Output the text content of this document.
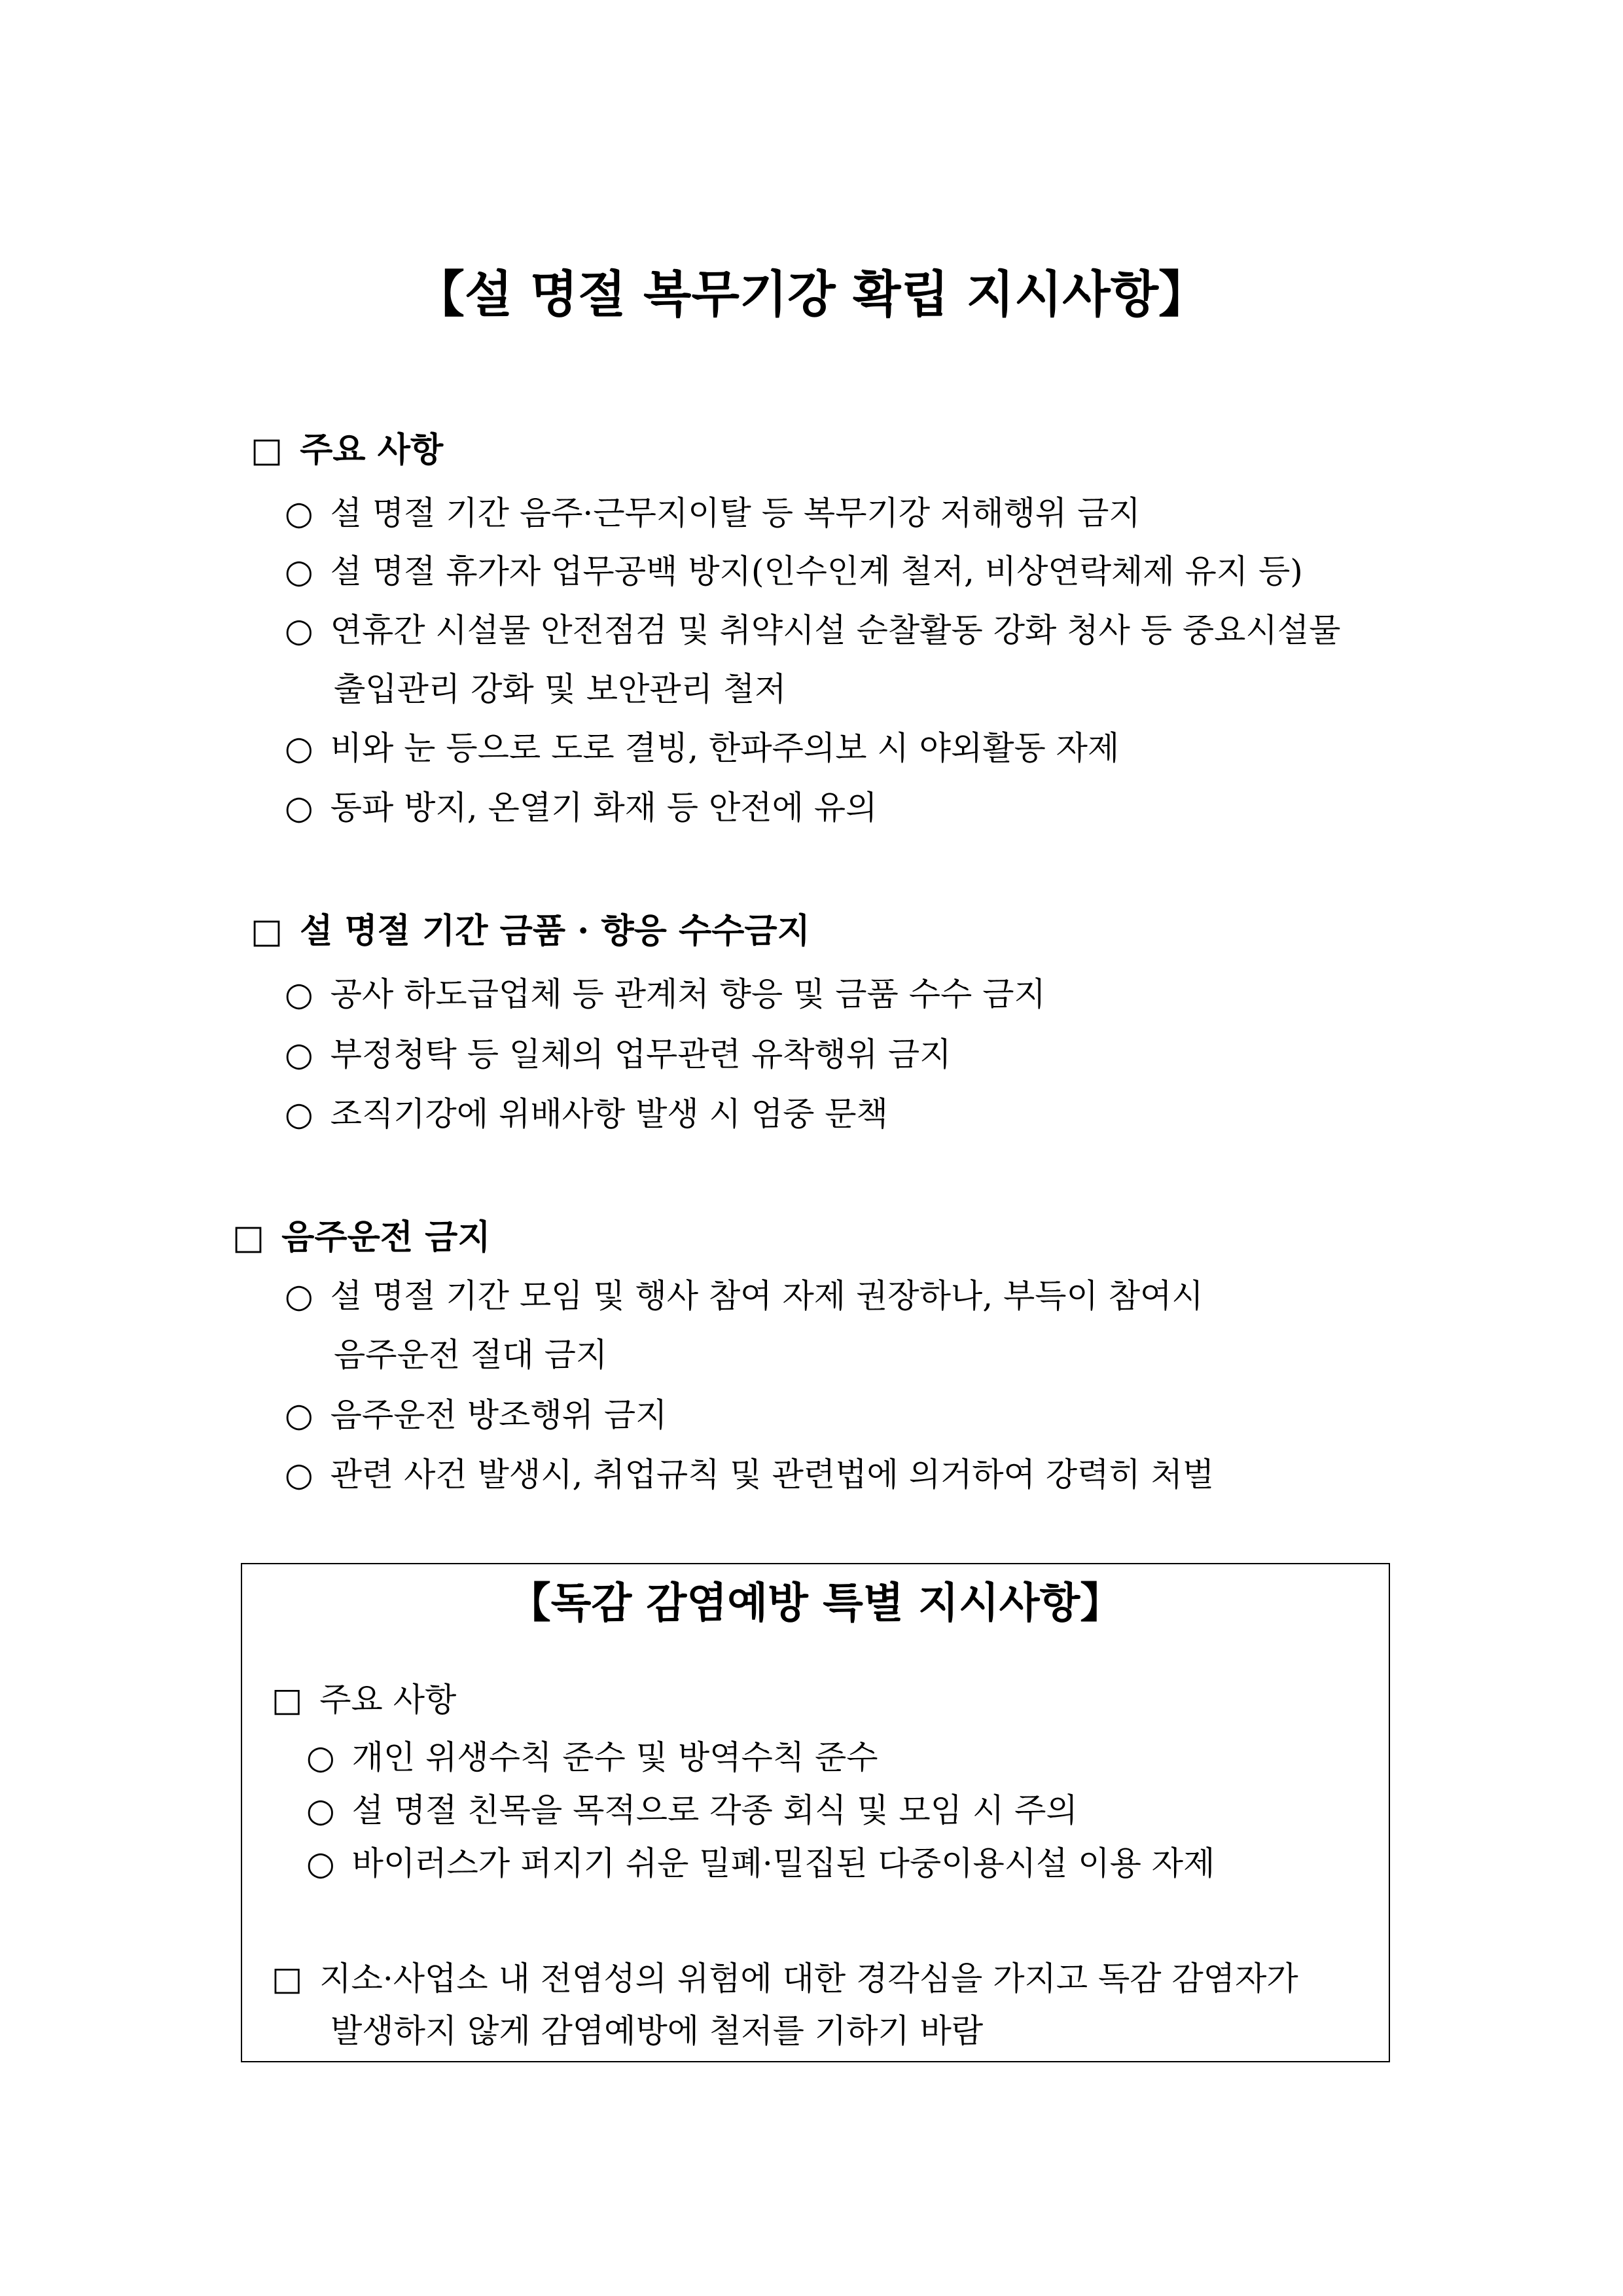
【설 명절 복무기강 확립 지시사항】
□ 주요 사항
○ 설 명절 기간 음주·근무지이탈 등 복무기강 저해행위 금지
○ 설 명절 휴가자 업무공백 방지(인수인계 철저, 비상연락체제 유지 등)
○ 연휴간 시설물 안전점검 및 취약시설 순찰활동 강화 청사 등 중요시설물
출입관리 강화 및 보안관리 철저
○ 비와 눈 등으로 도로 결빙, 한파주의보 시 야외활동 자제
○ 동파 방지, 온열기 화재 등 안전에 유의
□ 설 명절 기간 금품 · 향응 수수금지
○ 공사 하도급업체 등 관계처 향응 및 금품 수수 금지
○ 부정청탁 등 일체의 업무관련 유착행위 금지
○ 조직기강에 위배사항 발생 시 엄중 문책
□ 음주운전 금지
○ 설 명절 기간 모임 및 행사 참여 자제 권장하나, 부득이 참여시
음주운전 절대 금지
○ 음주운전 방조행위 금지
○ 관련 사건 발생시, 취업규칙 및 관련법에 의거하여 강력히 처벌
【독감 감염예방 특별 지시사항】
□ 주요 사항
○ 개인 위생수칙 준수 및 방역수칙 준수
○ 설 명절 친목을 목적으로 각종 회식 및 모임 시 주의
○ 바이러스가 퍼지기 쉬운 밀폐·밀집된 다중이용시설 이용 자제
□ 지소·사업소 내 전염성의 위험에 대한 경각심을 가지고 독감 감염자가
발생하지 않게 감염예방에 철저를 기하기 바람
